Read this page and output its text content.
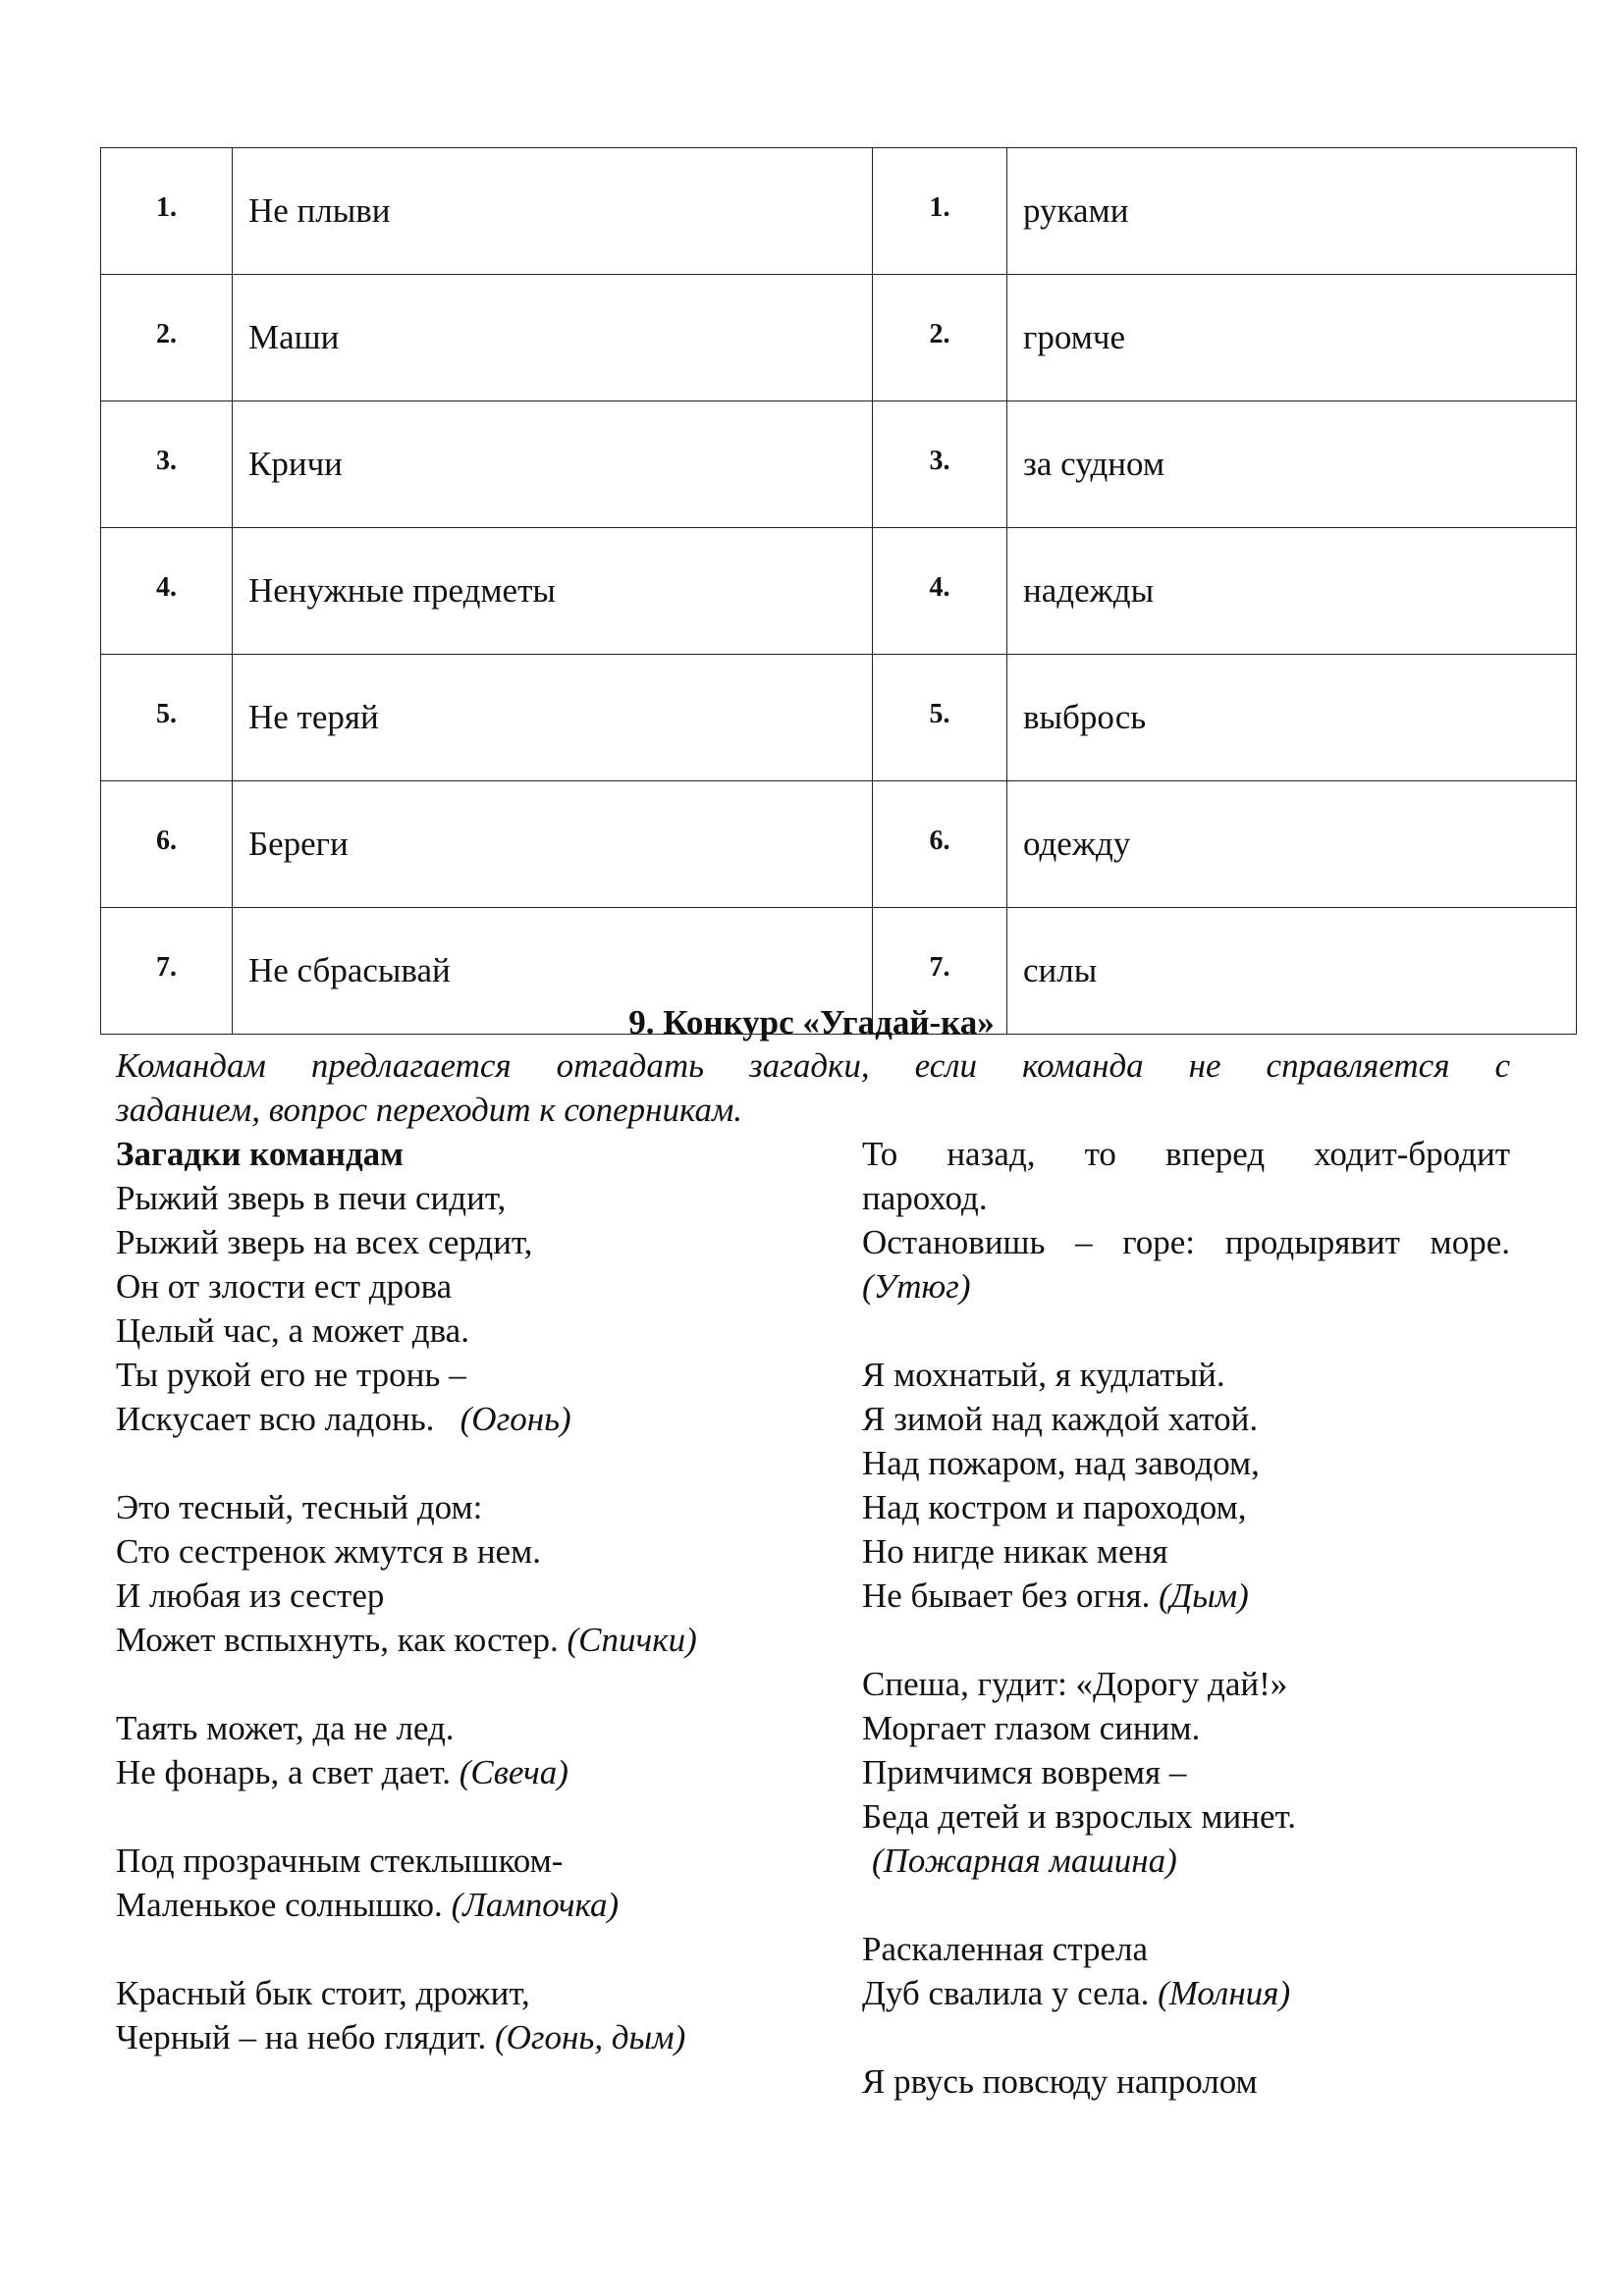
1.	Не плыви	1.	руками
2.	Маши	2.	громче
3.	Кричи	3.	за судном
4.	Ненужные предметы	4.	надежды
5.	Не теряй	5.	выбрось
6.	Береги	6.	одежду
7.	Не сбрасывай	7.	силы
9. Конкурс «Угадай-ка»
Командам предлагается отгадать загадки, если команда не справляется с
заданием, вопрос переходит к соперникам.
Загадки командам
Рыжий зверь в печи сидит,
Рыжий зверь на всех сердит,
Он от злости ест дрова
Целый час, а может два.
Ты рукой его не тронь –
Искусает всю ладонь. (Огонь)
Это тесный, тесный дом:
Сто сестренок жмутся в нем.
И любая из сестер
Может вспыхнуть, как костер. (Спички)
Таять может, да не лед.
Не фонарь, а свет дает. (Свеча)
Под прозрачным стеклышком-
Маленькое солнышко. (Лампочка)
Красный бык стоит, дрожит,
Черный – на небо глядит. (Огонь, дым)
То назад, то вперед ходит-бродит
пароход.
Остановишь – горе: продырявит море.
(Утюг)
Я мохнатый, я кудлатый.
Я зимой над каждой хатой.
Над пожаром, над заводом,
Над костром и пароходом,
Но нигде никак меня
Не бывает без огня. (Дым)
Спеша, гудит: «Дорогу дай!»
Моргает глазом синим.
Примчимся вовремя –
Беда детей и взрослых минет.
(Пожарная машина)
Раскаленная стрела
Дуб свалила у села. (Молния)
Я рвусь повсюду напролом
